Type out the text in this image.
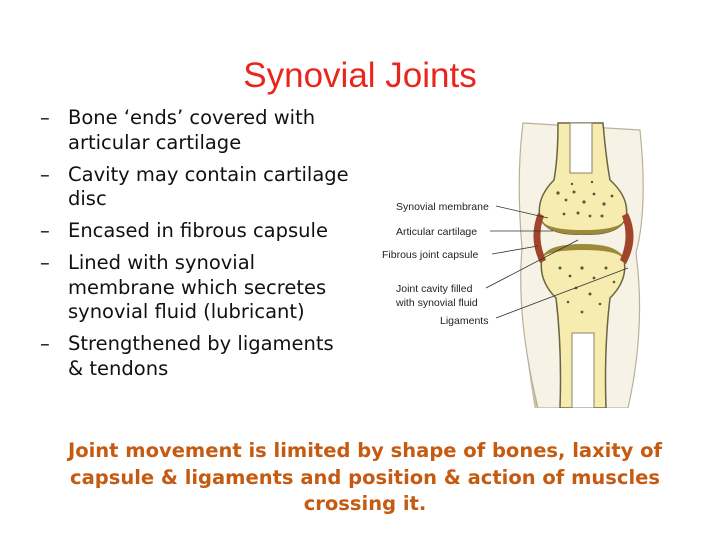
Synovial Joints
– Bone ‘ends’ covered with articular cartilage
– Cavity may contain cartilage disc
– Encased in fibrous capsule
– Lined with synovial membrane which secretes synovial fluid (lubricant)
– Strengthened by ligaments & tendons
Synovial membrane
Articular cartilage
Fibrous joint capsule
Joint cavity filled
with synovial fluid
Ligaments
Joint movement is limited by shape of bones, laxity of capsule & ligaments and position & action of muscles crossing it.
